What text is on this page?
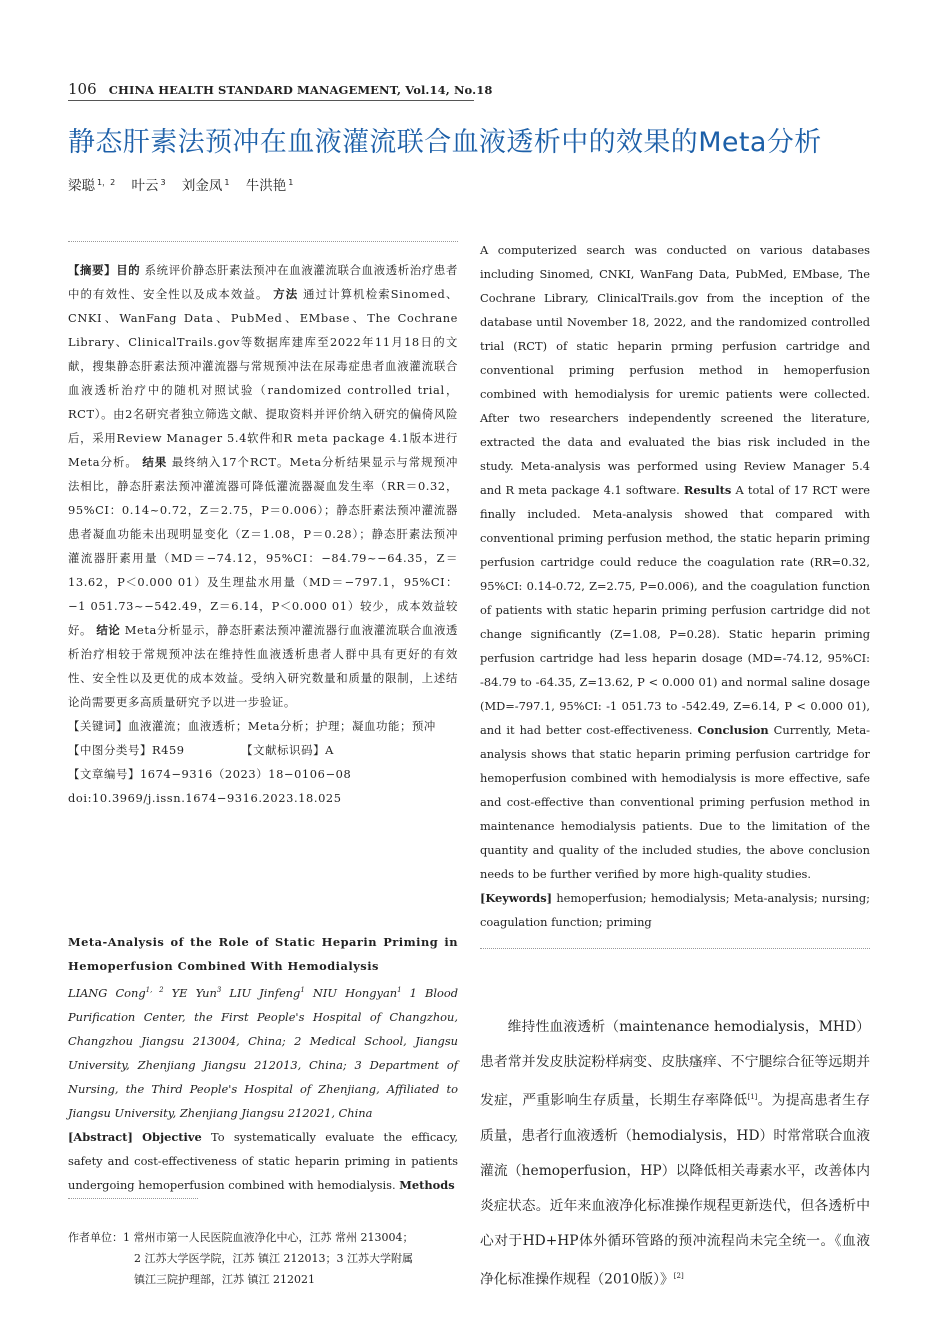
106 CHINA HEALTH STANDARD MANAGEMENT, Vol.14, No.18
静态肝素法预冲在血液灌流联合血液透析中的效果的Meta分析
梁聪 $^{1,2}$ 叶云 $^3$ 刘金凤 $^1$ 牛洪艳 $^1$

【摘要】目的 系统评价静态肝素法预冲在血液灌流联合血液透析治疗患者中的有效性、安全性以及成本效益。 方法 通过计算机检索Sinomed、CNKI、WanFang Data、PubMed、EMbase、The Cochrane Library、ClinicalTrails.gov等数据库建库至2022年11月18日的文献，搜集静态肝素法预冲灌流器与常规预冲法在尿毒症患者血液灌流联合血液透析治疗中的随机对照试验（randomized controlled trial，RCT）。由2名研究者独立筛选文献、提取资料并评价纳入研究的偏倚风险后，采用Review Manager 5.4软件和R meta package 4.1版本进行Meta分析。 结果 最终纳入17个RCT。Meta分析结果显示与常规预冲法相比，静态肝素法预冲灌流器可降低灌流器凝血发生率（RR＝0.32，95%CI：0.14~0.72，Z＝2.75，P＝0.006）；静态肝素法预冲灌流器患者凝血功能未出现明显变化（Z＝1.08，P＝0.28）；静态肝素法预冲灌流器肝素用量（MD＝−74.12，95%CI：−84.79~−64.35，Z＝13.62，P＜0.000 01）及生理盐水用量（MD＝−797.1，95%CI：−1 051.73~−542.49，Z＝6.14，P＜0.000 01）较少，成本效益较好。 结论 Meta分析显示，静态肝素法预冲灌流器行血液灌流联合血液透析治疗相较于常规预冲法在维持性血液透析患者人群中具有更好的有效性、安全性以及更优的成本效益。受纳入研究数量和质量的限制，上述结论尚需要更多高质量研究予以进一步验证。

【关键词】血液灌流；血液透析；Meta分析；护理；凝血功能；预冲

【中图分类号】R459	【文献标识码】A

【文章编号】1674−9316（2023）18−0106−08

doi:10.3969/j.issn.1674−9316.2023.18.025

Meta-Analysis of the Role of Static Heparin Priming in Hemoperfusion Combined With Hemodialysis

LIANG Cong$^{1, 2}$ YE Yun$^3$ LIU Jinfeng$^1$ NIU Hongyan$^1$ 1 Blood Purification Center, the First People's Hospital of Changzhou, Changzhou Jiangsu 213004, China; 2 Medical School, Jiangsu University, Zhenjiang Jiangsu 212013, China; 3 Department of Nursing, the Third People's Hospital of Zhenjiang, Affiliated to Jiangsu University, Zhenjiang Jiangsu 212021, China

[Abstract] Objective To systematically evaluate the efficacy, safety and cost-effectiveness of static heparin priming in patients undergoing hemoperfusion combined with hemodialysis. Methods

作者单位：1 常州市第一人民医院血液净化中心，江苏 常州 213004；

2 江苏大学医学院，江苏 镇江 212013；3 江苏大学附属

镇江三院护理部，江苏 镇江 212021

A computerized search was conducted on various databases including Sinomed, CNKI, WanFang Data, PubMed, EMbase, The Cochrane Library, ClinicalTrails.gov from the inception of the database until November 18, 2022, and the randomized controlled trial (RCT) of static heparin prming perfusion cartridge and conventional priming perfusion method in hemoperfusion combined with hemodialysis for uremic patients were collected. After two researchers independently screened the literature, extracted the data and evaluated the bias risk included in the study. Meta-analysis was performed using Review Manager 5.4 and R meta package 4.1 software. Results A total of 17 RCT were finally included. Meta-analysis showed that compared with conventional priming perfusion method, the static heparin priming perfusion cartridge could reduce the coagulation rate (RR=0.32, 95%CI: 0.14-0.72, Z=2.75, P=0.006), and the coagulation function of patients with static heparin priming perfusion cartridge did not change significantly (Z=1.08, P=0.28). Static heparin priming perfusion cartridge had less heparin dosage (MD=-74.12, 95%CI: -84.79 to -64.35, Z=13.62, P < 0.000 01) and normal saline dosage (MD=-797.1, 95%CI: -1 051.73 to -542.49, Z=6.14, P < 0.000 01), and it had better cost-effectiveness. Conclusion Currently, Meta-analysis shows that static heparin priming perfusion cartridge for hemoperfusion combined with hemodialysis is more effective, safe and cost-effective than conventional priming perfusion method in maintenance hemodialysis patients. Due to the limitation of the quantity and quality of the included studies, the above conclusion needs to be further verified by more high-quality studies.

[Keywords] hemoperfusion; hemodialysis; Meta-analysis; nursing; coagulation function; priming

维持性血液透析（maintenance hemodialysis，MHD）患者常并发皮肤淀粉样病变、皮肤瘙痒、不宁腿综合征等远期并发症，严重影响生存质量，长期生存率降低[1]。为提高患者生存质量，患者行血液透析（hemodialysis，HD）时常常联合血液灌流（hemoperfusion，HP）以降低相关毒素水平，改善体内炎症状态。近年来血液净化标准操作规程更新迭代，但各透析中心对于HD+HP体外循环管路的预冲流程尚未完全统一。《血液净化标准操作规程（2010版）》[2]
